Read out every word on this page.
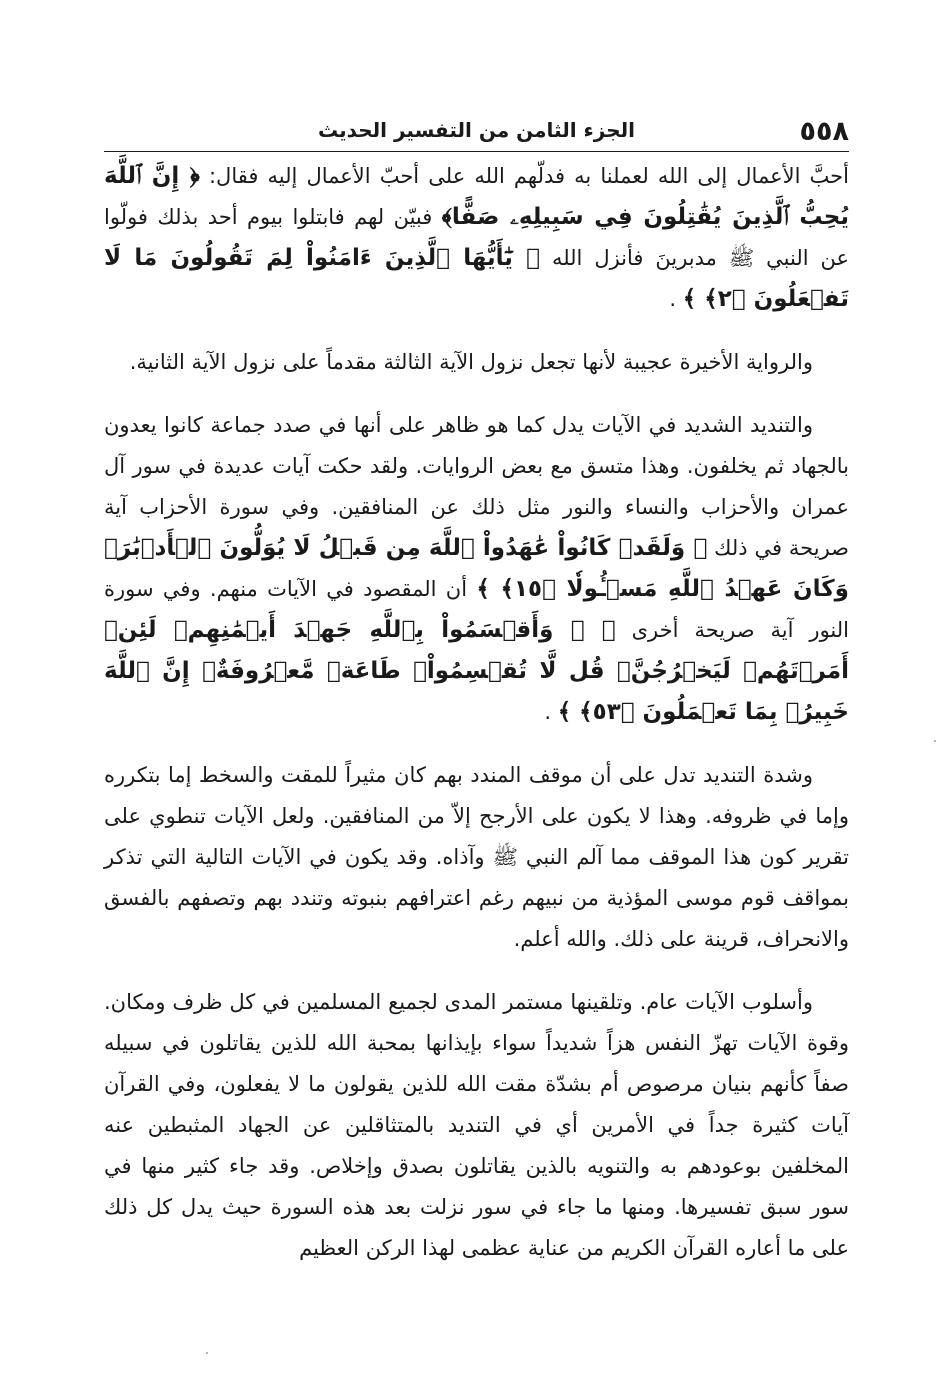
٥٥٨
الجزء الثامن من التفسير الحديث

أحبَّ الأعمال إلى الله لعملنا به فدلّهم الله على أحبّ الأعمال إليه فقال: ﴿ إِنَّ ٱللَّهَ يُحِبُّ ٱلَّذِينَ يُقَٰتِلُونَ فِي سَبِيلِهِۦ صَفًّا﴾ فبيّن لهم فابتلوا بيوم أحد بذلك فولّوا عن النبي ﷺ مدبرينَ فأنزل الله ﴿ يَٰٓأَيُّهَا ٱلَّذِينَ ءَامَنُواْ لِمَ تَقُولُونَ مَا لَا تَفۡعَلُونَ ﴿٢﴾ ﴾ .

والرواية الأخيرة عجيبة لأنها تجعل نزول الآية الثالثة مقدماً على نزول الآية الثانية.

والتنديد الشديد في الآيات يدل كما هو ظاهر على أنها في صدد جماعة كانوا يعدون بالجهاد ثم يخلفون. وهذا متسق مع بعض الروايات. ولقد حكت آيات عديدة في سور آل عمران والأحزاب والنساء والنور مثل ذلك عن المنافقين. وفي سورة الأحزاب آية صريحة في ذلك ﴿ وَلَقَدۡ كَانُواْ عَٰهَدُواْ ٱللَّهَ مِن قَبۡلُ لَا يُوَلُّونَ ٱلۡأَدۡبَٰرَۚ وَكَانَ عَهۡدُ ٱللَّهِ مَسۡـُٔولٗا ﴿١٥﴾ ﴾ أن المقصود في الآيات منهم. وفي سورة النور آية صريحة أخرى ﴿ ۞ وَأَقۡسَمُواْ بِٱللَّهِ جَهۡدَ أَيۡمَٰنِهِمۡ لَئِنۡ أَمَرۡتَهُمۡ لَيَخۡرُجُنَّۖ قُل لَّا تُقۡسِمُواْۖ طَاعَةٞ مَّعۡرُوفَةٌۚ إِنَّ ٱللَّهَ خَبِيرُۢ بِمَا تَعۡمَلُونَ ﴿٥٣﴾ ﴾ .

وشدة التنديد تدل على أن موقف المندد بهم كان مثيراً للمقت والسخط إما بتكرره وإما في ظروفه. وهذا لا يكون على الأرجح إلاّ من المنافقين. ولعل الآيات تنطوي على تقرير كون هذا الموقف مما آلم النبي ﷺ وآذاه. وقد يكون في الآيات التالية التي تذكر بمواقف قوم موسى المؤذية من نبيهم رغم اعترافهم بنبوته وتندد بهم وتصفهم بالفسق والانحراف، قرينة على ذلك. والله أعلم.

وأسلوب الآيات عام. وتلقينها مستمر المدى لجميع المسلمين في كل ظرف ومكان. وقوة الآيات تهزّ النفس هزاً شديداً سواء بإيذانها بمحبة الله للذين يقاتلون في سبيله صفاً كأنهم بنيان مرصوص أم بشدّة مقت الله للذين يقولون ما لا يفعلون، وفي القرآن آيات كثيرة جداً في الأمرين أي في التنديد بالمتثاقلين عن الجهاد المثبطين عنه المخلفين بوعودهم به والتنويه بالذين يقاتلون بصدق وإخلاص. وقد جاء كثير منها في سور سبق تفسيرها. ومنها ما جاء في سور نزلت بعد هذه السورة حيث يدل كل ذلك على ما أعاره القرآن الكريم من عناية عظمى لهذا الركن العظيم
